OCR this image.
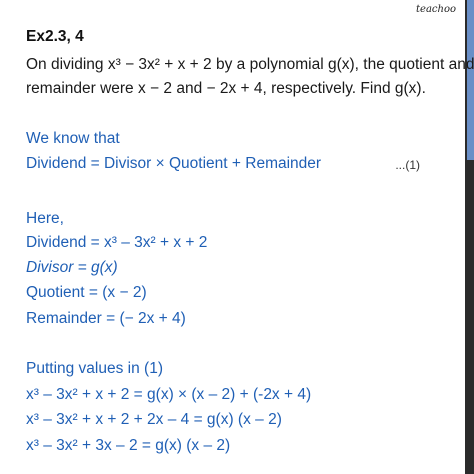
teachoo
Ex2.3, 4
On dividing x³ − 3x² + x + 2 by a polynomial g(x), the quotient and
remainder were x − 2 and − 2x + 4, respectively. Find g(x).
We know that
Dividend = Divisor × Quotient + Remainder	...(1)
Here,
Dividend = x³ – 3x² + x + 2
Divisor = g(x)
Quotient = (x − 2)
Remainder = (− 2x + 4)
Putting values in (1)
x³ – 3x² + x + 2 = g(x) × (x – 2) + (-2x + 4)
x³ – 3x² + x + 2 + 2x – 4 = g(x) (x – 2)
x³ – 3x² + 3x – 2 = g(x) (x – 2)
